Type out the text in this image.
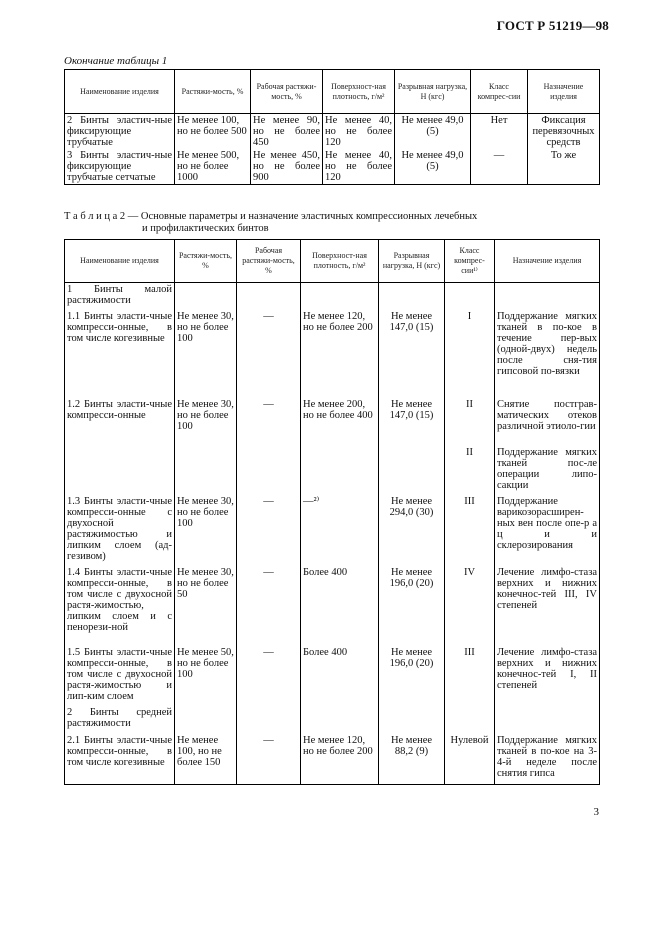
ГОСТ Р 51219—98
Окончание таблицы 1
Наименование изделия	Растяжи-мость, %	Рабочая растяжи-мость, %	Поверхност-ная плотность, г/м²	Разрывная нагрузка, Н (кгс)	Класс компрес-сии	Назначение изделия
2 Бинты эластич-ные фиксирующие трубчатые	Не менее 100, но не более 500	Не менее 90, но не более 450	Не менее 40, но не более 120	Не менее 49,0 (5)	Нет	Фиксация перевязочных средств
3 Бинты эластич-ные фиксирующие трубчатые сетчатые	Не менее 500, но не более 1000	Не менее 450, но не более 900	Не менее 40, но не более 120	Не менее 49,0 (5)	—	То же
Т а б л и ц а 2 — Основные параметры и назначение эластичных компрессионных лечебных
и профилактических бинтов
Наименование изделия	Растяжи-мость, %	Рабочая растяжи-мость, %	Поверхност-ная плотность, г/м²	Разрывная нагрузка, Н (кгс)	Класс компрес-сии¹⁾	Назначение изделия
1 Бинты малой растяжимости						
1.1 Бинты эласти-чные компресси-онные, в том числе когезивные	Не менее 30, но не более 100	—	Не менее 120, но не более 200	Не менее 147,0 (15)	I	Поддержание мягких тканей в по-кое в течение пер-вых (одной-двух) недель после сня-тия гипсовой по-вязки
1.2 Бинты эласти-чные компресси-онные	Не менее 30, но не более 100	—	Не менее 200, но не более 400	Не менее 147,0 (15)	II	Снятие постграв-матических отеков различной этиоло-гии
					II	Поддержание мягких тканей пос-ле операции липо-сакции
1.3 Бинты эласти-чные компресси-онные с двухосной растяжимостью и липким слоем (ад-гезивом)	Не менее 30, но не более 100	—	—²⁾	Не менее 294,0 (30)	III	Поддержание варикозорасширен-ных вен после опе-р а ц и и склерозирования
1.4 Бинты эласти-чные компресси-онные, в том числе с двухосной растя-жимостью, липким слоем и с пенорези-ной	Не менее 30, но не более 50	—	Более 400	Не менее 196,0 (20)	IV	Лечение лимфо-стаза верхних и нижних конечнос-тей III, IV степеней
1.5 Бинты эласти-чные компресси-онные, в том числе с двухосной растя-жимостью и лип-ким слоем	Не менее 50, но не более 100	—	Более 400	Не менее 196,0 (20)	III	Лечение лимфо-стаза верхних и нижних конечнос-тей I, II степеней
2 Бинты средней растяжимости						
2.1 Бинты эласти-чные компресси-онные, в том числе когезивные	Не менее 100, но не более 150	—	Не менее 120, но не более 200	Не менее 88,2 (9)	Нулевой	Поддержание мягких тканей в по-кое на 3-4-й неделе после снятия гипса
3
